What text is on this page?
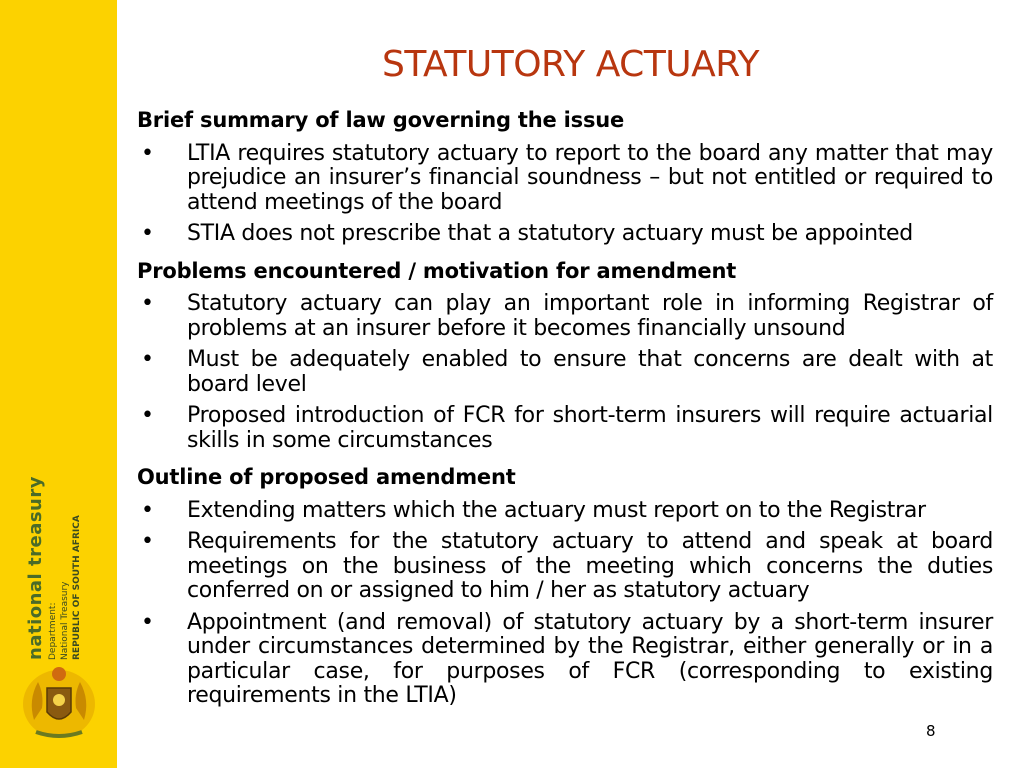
national treasury Department: National Treasury REPUBLIC OF SOUTH AFRICA
STATUTORY ACTUARY

Brief summary of law governing the issue

• LTIA requires statutory actuary to report to the board any matter that may prejudice an insurer’s financial soundness – but not entitled or required to attend meetings of the board
• STIA does not prescribe that a statutory actuary must be appointed

Problems encountered / motivation for amendment

• Statutory actuary can play an important role in informing Registrar of problems at an insurer before it becomes financially unsound
• Must be adequately enabled to ensure that concerns are dealt with at board level
• Proposed introduction of FCR for short-term insurers will require actuarial skills in some circumstances

Outline of proposed amendment

• Extending matters which the actuary must report on to the Registrar
• Requirements for the statutory actuary to attend and speak at board meetings on the business of the meeting which concerns the duties conferred on or assigned to him / her as statutory actuary
• Appointment (and removal) of statutory actuary by a short-term insurer under circumstances determined by the Registrar, either generally or in a particular case, for purposes of FCR (corresponding to existing requirements in the LTIA)
8
